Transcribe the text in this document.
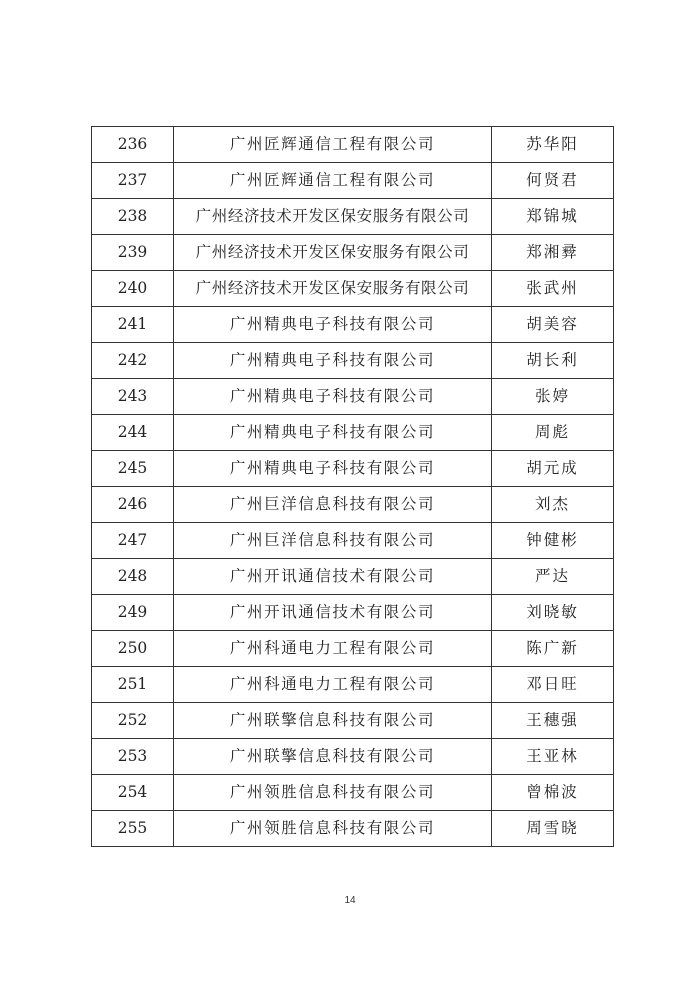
236	广州匠辉通信工程有限公司	苏华阳
237	广州匠辉通信工程有限公司	何贤君
238	广州经济技术开发区保安服务有限公司	郑锦城
239	广州经济技术开发区保安服务有限公司	郑湘彛
240	广州经济技术开发区保安服务有限公司	张武州
241	广州精典电子科技有限公司	胡美容
242	广州精典电子科技有限公司	胡长利
243	广州精典电子科技有限公司	张婷
244	广州精典电子科技有限公司	周彪
245	广州精典电子科技有限公司	胡元成
246	广州巨洋信息科技有限公司	刘杰
247	广州巨洋信息科技有限公司	钟健彬
248	广州开讯通信技术有限公司	严达
249	广州开讯通信技术有限公司	刘晓敏
250	广州科通电力工程有限公司	陈广新
251	广州科通电力工程有限公司	邓日旺
252	广州联擎信息科技有限公司	王穗强
253	广州联擎信息科技有限公司	王亚林
254	广州领胜信息科技有限公司	曾棉波
255	广州领胜信息科技有限公司	周雪晓
14
